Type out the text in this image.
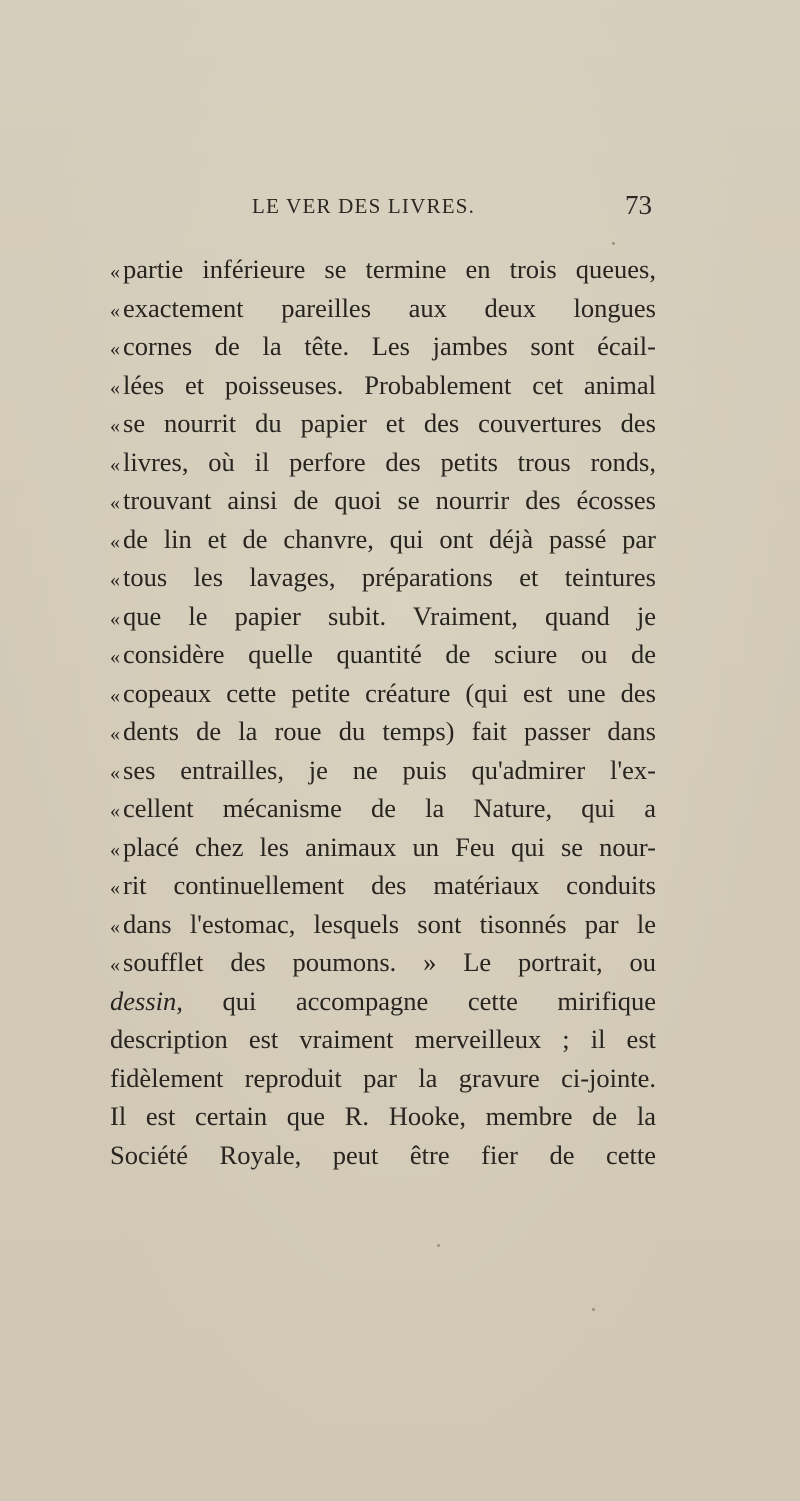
LE VER DES LIVRES.	73
« partie inférieure se termine en trois queues,
« exactement pareilles aux deux longues
« cornes de la tête. Les jambes sont écail-
« lées et poisseuses. Probablement cet animal
« se nourrit du papier et des couvertures des
« livres, où il perfore des petits trous ronds,
« trouvant ainsi de quoi se nourrir des écosses
« de lin et de chanvre, qui ont déjà passé par
« tous les lavages, préparations et teintures
« que le papier subit. Vraiment, quand je
« considère quelle quantité de sciure ou de
« copeaux cette petite créature (qui est une des
« dents de la roue du temps) fait passer dans
« ses entrailles, je ne puis qu'admirer l'ex-
« cellent mécanisme de la Nature, qui a
« placé chez les animaux un Feu qui se nour-
« rit continuellement des matériaux conduits
« dans l'estomac, lesquels sont tisonnés par le
« soufflet des poumons. » Le portrait, ou
dessin, qui accompagne cette mirifique
description est vraiment merveilleux ; il est
fidèlement reproduit par la gravure ci-jointe.
Il est certain que R. Hooke, membre de la
Société Royale, peut être fier de cette
